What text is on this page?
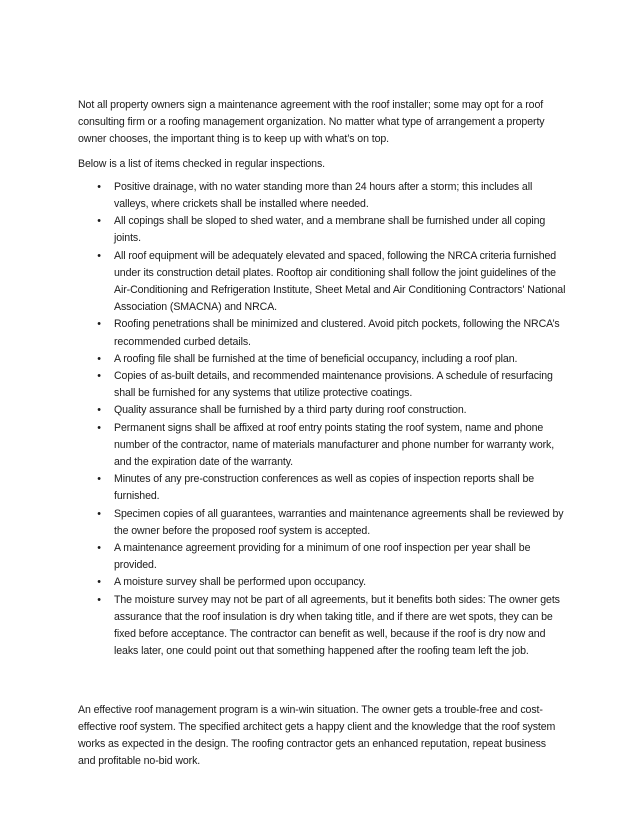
Not all property owners sign a maintenance agreement with the roof installer; some may opt for a roof consulting firm or a roofing management organization. No matter what type of arrangement a property owner chooses, the important thing is to keep up with what’s on top.

Below is a list of items checked in regular inspections.

•	Positive drainage, with no water standing more than 24 hours after a storm; this includes all valleys, where crickets shall be installed where needed.
•	All copings shall be sloped to shed water, and a membrane shall be furnished under all coping joints.
•	All roof equipment will be adequately elevated and spaced, following the NRCA criteria furnished under its construction detail plates. Rooftop air conditioning shall follow the joint guidelines of the Air-Conditioning and Refrigeration Institute, Sheet Metal and Air Conditioning Contractors' National Association (SMACNA) and NRCA.
•	Roofing penetrations shall be minimized and clustered. Avoid pitch pockets, following the NRCA’s recommended curbed details.
•	A roofing file shall be furnished at the time of beneficial occupancy, including a roof plan.
•	Copies of as-built details, and recommended maintenance provisions. A schedule of resurfacing shall be furnished for any systems that utilize protective coatings.
•	Quality assurance shall be furnished by a third party during roof construction.
•	Permanent signs shall be affixed at roof entry points stating the roof system, name and phone number of the contractor, name of materials manufacturer and phone number for warranty work, and the expiration date of the warranty.
•	Minutes of any pre-construction conferences as well as copies of inspection reports shall be furnished.
•	Specimen copies of all guarantees, warranties and maintenance agreements shall be reviewed by the owner before the proposed roof system is accepted.
•	A maintenance agreement providing for a minimum of one roof inspection per year shall be provided.
•	A moisture survey shall be performed upon occupancy.
•	The moisture survey may not be part of all agreements, but it benefits both sides: The owner gets assurance that the roof insulation is dry when taking title, and if there are wet spots, they can be fixed before acceptance. The contractor can benefit as well, because if the roof is dry now and leaks later, one could point out that something happened after the roofing team left the job.

An effective roof management program is a win-win situation. The owner gets a trouble-free and cost-effective roof system. The specified architect gets a happy client and the knowledge that the roof system works as expected in the design. The roofing contractor gets an enhanced reputation, repeat business and profitable no-bid work.
